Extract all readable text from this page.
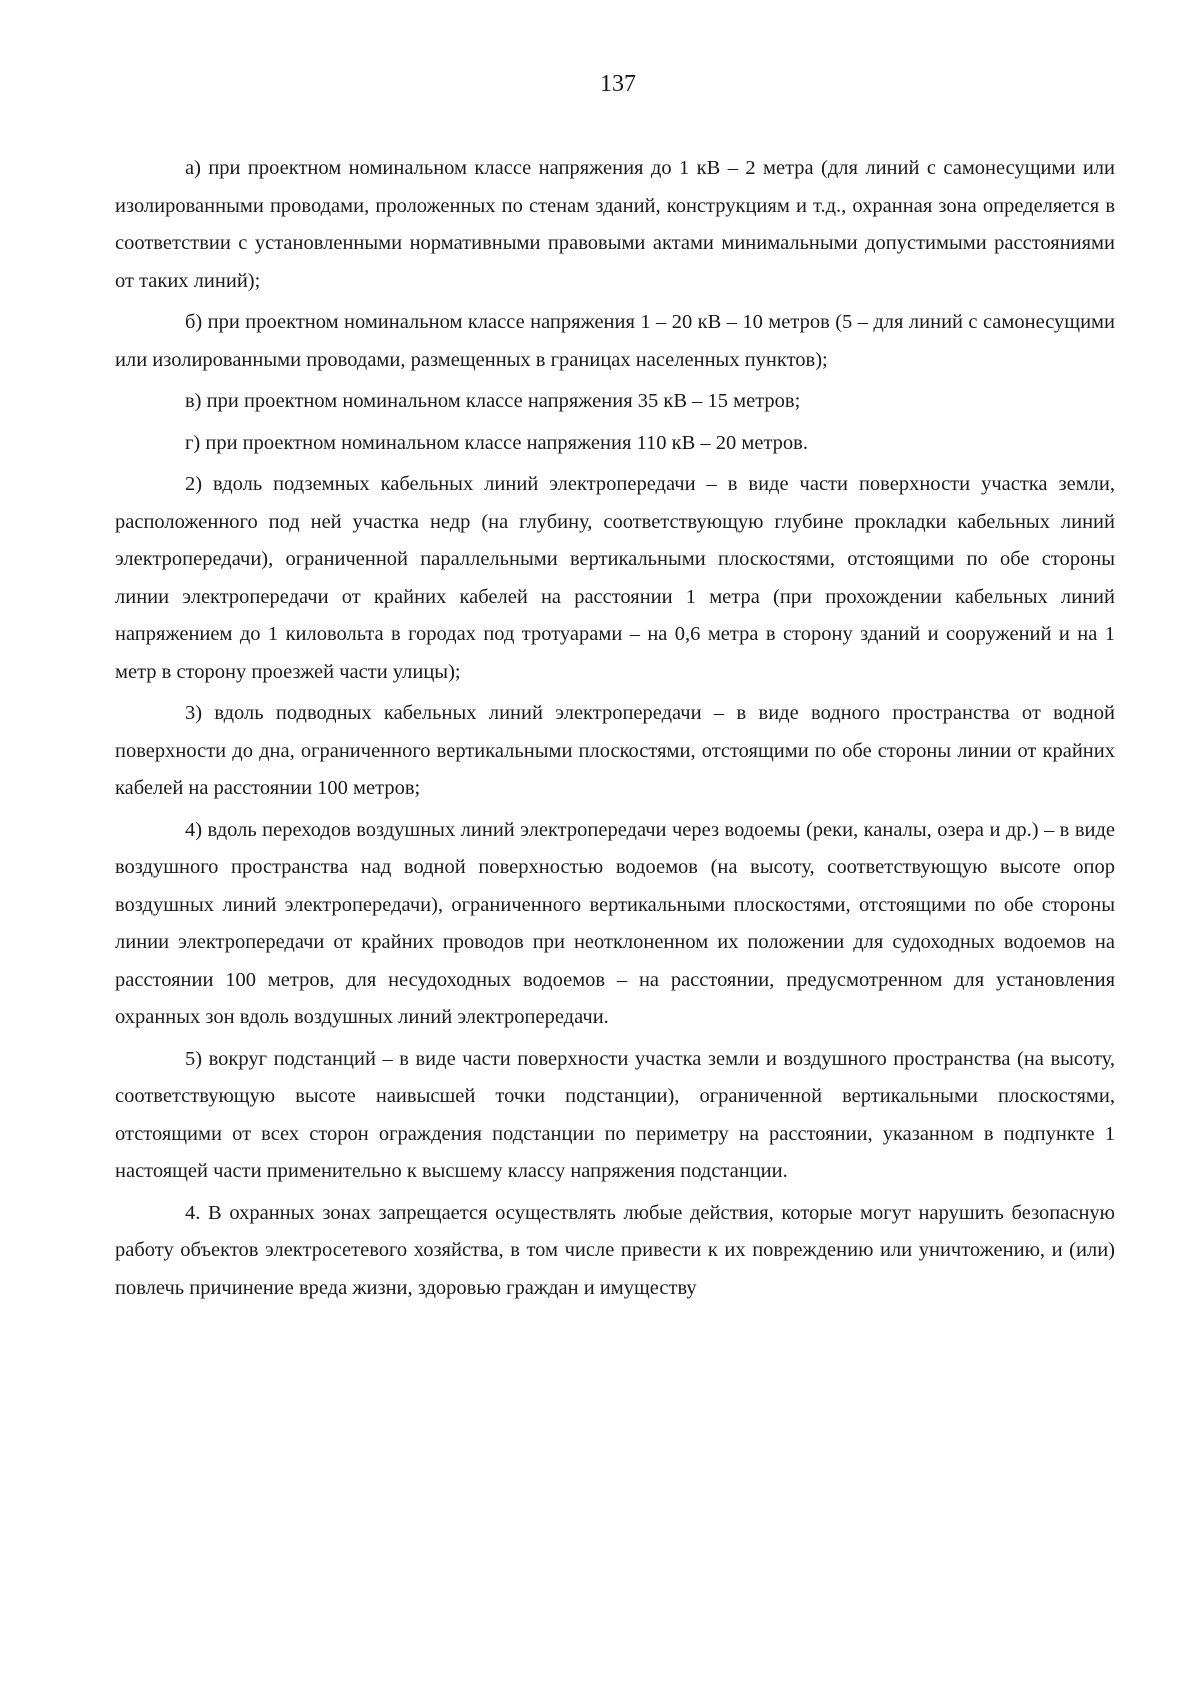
137

а) при проектном номинальном классе напряжения до 1 кВ – 2 метра (для линий с самонесущими или изолированными проводами, проложенных по стенам зданий, конструкциям и т.д., охранная зона определяется в соответствии с установленными нормативными правовыми актами минимальными допустимыми расстояниями от таких линий);

б) при проектном номинальном классе напряжения 1 – 20 кВ – 10 метров (5 – для линий с самонесущими или изолированными проводами, размещенных в границах населенных пунктов);

в) при проектном номинальном классе напряжения 35 кВ – 15 метров;

г) при проектном номинальном классе напряжения 110 кВ – 20 метров.

2) вдоль подземных кабельных линий электропередачи – в виде части поверхности участка земли, расположенного под ней участка недр (на глубину, соответствующую глубине прокладки кабельных линий электропередачи), ограниченной параллельными вертикальными плоскостями, отстоящими по обе стороны линии электропередачи от крайних кабелей на расстоянии 1 метра (при прохождении кабельных линий напряжением до 1 киловольта в городах под тротуарами – на 0,6 метра в сторону зданий и сооружений и на 1 метр в сторону проезжей части улицы);

3) вдоль подводных кабельных линий электропередачи – в виде водного пространства от водной поверхности до дна, ограниченного вертикальными плоскостями, отстоящими по обе стороны линии от крайних кабелей на расстоянии 100 метров;

4) вдоль переходов воздушных линий электропередачи через водоемы (реки, каналы, озера и др.) – в виде воздушного пространства над водной поверхностью водоемов (на высоту, соответствующую высоте опор воздушных линий электропередачи), ограниченного вертикальными плоскостями, отстоящими по обе стороны линии электропередачи от крайних проводов при неотклоненном их положении для судоходных водоемов на расстоянии 100 метров, для несудоходных водоемов – на расстоянии, предусмотренном для установления охранных зон вдоль воздушных линий электропередачи.

5) вокруг подстанций – в виде части поверхности участка земли и воздушного пространства (на высоту, соответствующую высоте наивысшей точки подстанции), ограниченной вертикальными плоскостями, отстоящими от всех сторон ограждения подстанции по периметру на расстоянии, указанном в подпункте 1 настоящей части применительно к высшему классу напряжения подстанции.

4. В охранных зонах запрещается осуществлять любые действия, которые могут нарушить безопасную работу объектов электросетевого хозяйства, в том числе привести к их повреждению или уничтожению, и (или) повлечь причинение вреда жизни, здоровью граждан и имуществу
